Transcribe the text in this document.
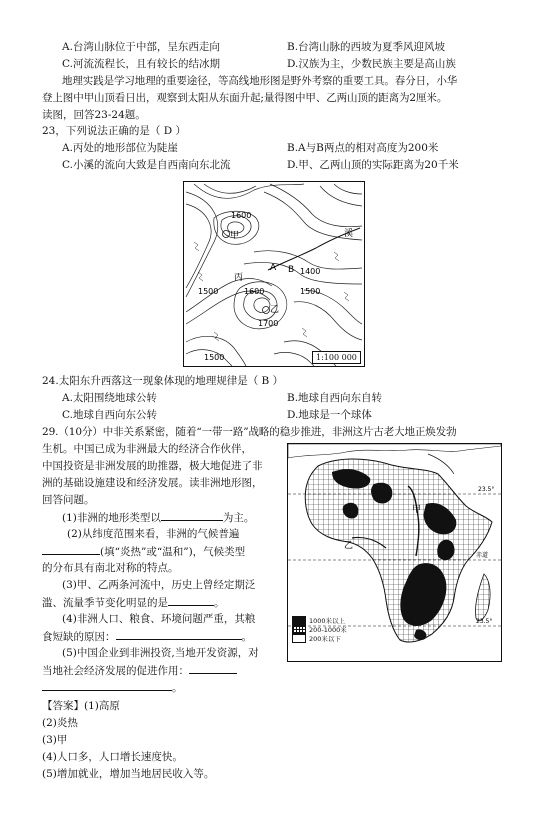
A.台湾山脉位于中部，呈东西走向	B.台湾山脉的西坡为夏季风迎风坡
C.河流流程长，且有较长的结冰期	D.汉族为主，少数民族主要是高山族
地理实践是学习地理的重要途径，等高线地形图是野外考察的重要工具。春分日，小华
登上图中甲山顶看日出，观察到太阳从东面升起;量得图中甲、乙两山顶的距离为2厘米。
读图，回答23-24题。
23，下列说法正确的是（ D ）
A.丙处的地形部位为陡崖	B.A与B两点的相对高度为200米
C.小溪的流向大致是自西南向东北流	D.甲、乙两山顶的实际距离为20千米
1600
甲	溪
A B
丙
1400
1500	1600	1500
乙
1700
1500	1:100 000
24.太阳东升西落这一现象体现的地理规律是（ B ）
A.太阳围绕地球公转	B.地球自西向东自转
C.地球自西向东公转	D.地球是一个球体
29.（10分）中非关系紧密，随着“一带一路”战略的稳步推进，非洲这片古老大地正焕发勃
生机。中国已成为非洲最大的经济合作伙伴，
中国投资是非洲发展的助推器，极大地促进了非
洲的基础设施建设和经济发展。读非洲地形图，
回答问题。
(1)非洲的地形类型以	为主。
(2)从纬度范围来看，非洲的气候普遍
(填“炎热”或“温和”)，气候类型
的分布具有南北对称的特点。
(3)甲、乙两条河流中，历史上曾经定期泛
滥、流量季节变化明显的是	。
(4)非洲人口、粮食、环境问题严重，其粮
食短缺的原因：	。
(5)中国企业到非洲投资,当地开发资源，对
当地社会经济发展的促进作用：
。
23.5°
赤道
23.5°
甲
乙
1000米以上
200-1000米
200米以下
【答案】(1)高原
(2)炎热
(3)甲
(4)人口多，人口增长速度快。
(5)增加就业，增加当地居民收入等。
